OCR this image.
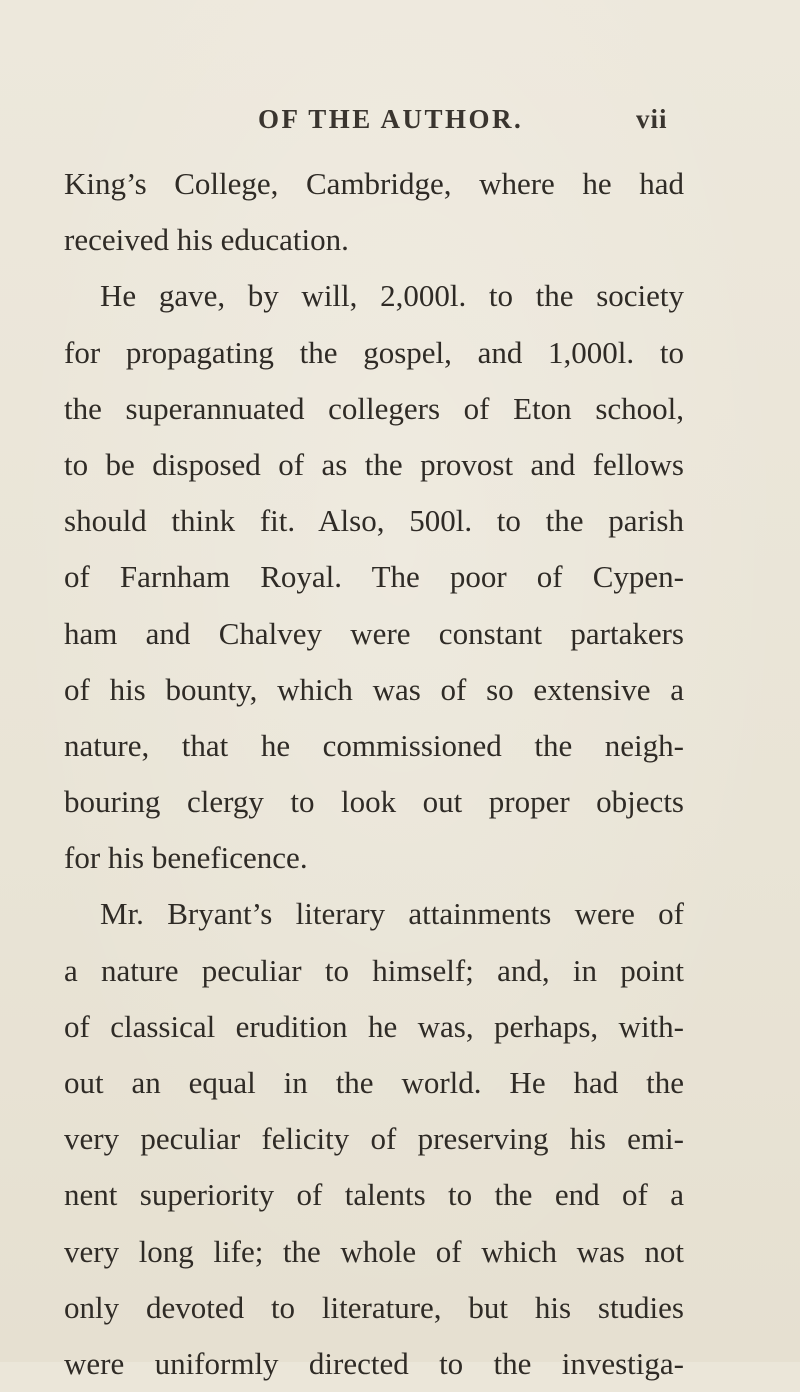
OF THE AUTHOR.	vii
King’s College, Cambridge, where he had
received his education.
He gave, by will, 2,000l. to the society
for propagating the gospel, and 1,000l. to
the superannuated collegers of Eton school,
to be disposed of as the provost and fellows
should think fit. Also, 500l. to the parish
of Farnham Royal. The poor of Cypen-
ham and Chalvey were constant partakers
of his bounty, which was of so extensive a
nature, that he commissioned the neigh-
bouring clergy to look out proper objects
for his beneficence.
Mr. Bryant’s literary attainments were of
a nature peculiar to himself; and, in point
of classical erudition he was, perhaps, with-
out an equal in the world. He had the
very peculiar felicity of preserving his emi-
nent superiority of talents to the end of a
very long life; the whole of which was not
only devoted to literature, but his studies
were uniformly directed to the investiga-
